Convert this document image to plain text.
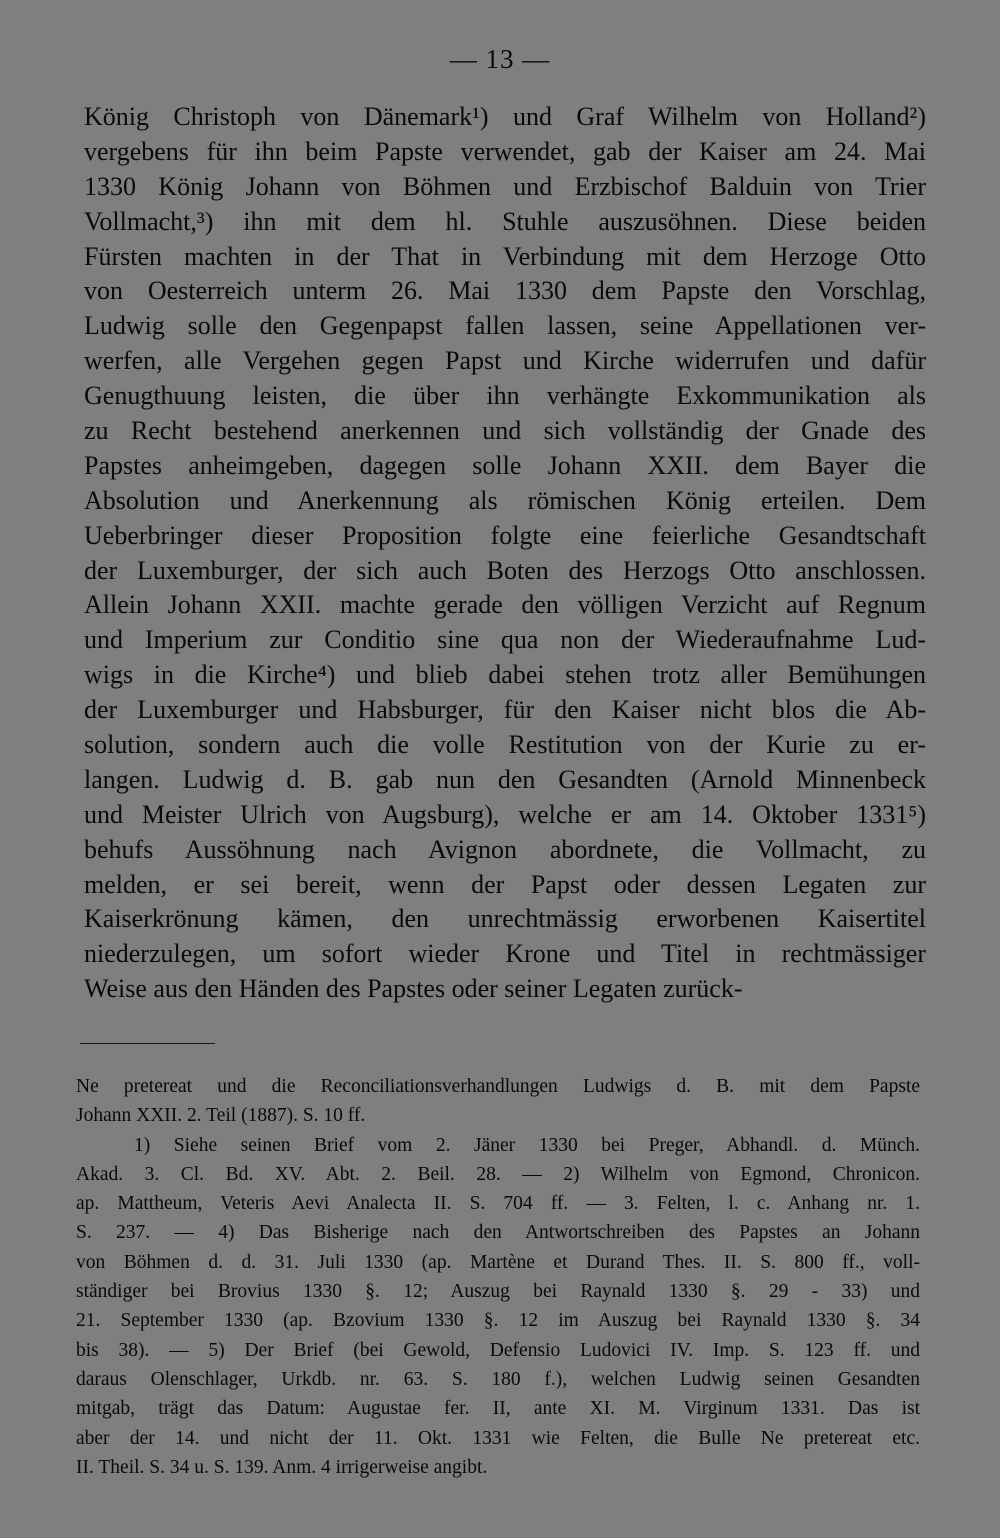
— 13 —
König Christoph von Dänemark¹) und Graf Wilhelm von Holland²)
vergebens für ihn beim Papste verwendet, gab der Kaiser am 24. Mai
1330 König Johann von Böhmen und Erzbischof Balduin von Trier
Vollmacht,³) ihn mit dem hl. Stuhle auszusöhnen. Diese beiden
Fürsten machten in der That in Verbindung mit dem Herzoge Otto
von Oesterreich unterm 26. Mai 1330 dem Papste den Vorschlag,
Ludwig solle den Gegenpapst fallen lassen, seine Appellationen ver-
werfen, alle Vergehen gegen Papst und Kirche widerrufen und dafür
Genugthuung leisten, die über ihn verhängte Exkommunikation als
zu Recht bestehend anerkennen und sich vollständig der Gnade des
Papstes anheimgeben, dagegen solle Johann XXII. dem Bayer die
Absolution und Anerkennung als römischen König erteilen. Dem
Ueberbringer dieser Proposition folgte eine feierliche Gesandtschaft
der Luxemburger, der sich auch Boten des Herzogs Otto anschlossen.
Allein Johann XXII. machte gerade den völligen Verzicht auf Regnum
und Imperium zur Conditio sine qua non der Wiederaufnahme Lud-
wigs in die Kirche⁴) und blieb dabei stehen trotz aller Bemühungen
der Luxemburger und Habsburger, für den Kaiser nicht blos die Ab-
solution, sondern auch die volle Restitution von der Kurie zu er-
langen. Ludwig d. B. gab nun den Gesandten (Arnold Minnenbeck
und Meister Ulrich von Augsburg), welche er am 14. Oktober 1331⁵)
behufs Aussöhnung nach Avignon abordnete, die Vollmacht, zu
melden, er sei bereit, wenn der Papst oder dessen Legaten zur
Kaiserkrönung kämen, den unrechtmässig erworbenen Kaisertitel
niederzulegen, um sofort wieder Krone und Titel in rechtmässiger
Weise aus den Händen des Papstes oder seiner Legaten zurück-
Ne pretereat und die Reconciliationsverhandlungen Ludwigs d. B. mit dem Papste
Johann XXII. 2. Teil (1887). S. 10 ff.
1) Siehe seinen Brief vom 2. Jäner 1330 bei Preger, Abhandl. d. Münch.
Akad. 3. Cl. Bd. XV. Abt. 2. Beil. 28. — 2) Wilhelm von Egmond, Chronicon.
ap. Mattheum, Veteris Aevi Analecta II. S. 704 ff. — 3. Felten, l. c. Anhang nr. 1.
S. 237. — 4) Das Bisherige nach den Antwortschreiben des Papstes an Johann
von Böhmen d. d. 31. Juli 1330 (ap. Martène et Durand Thes. II. S. 800 ff., voll-
ständiger bei Brovius 1330 §. 12; Auszug bei Raynald 1330 §. 29 - 33) und
21. September 1330 (ap. Bzovium 1330 §. 12 im Auszug bei Raynald 1330 §. 34
bis 38). — 5) Der Brief (bei Gewold, Defensio Ludovici IV. Imp. S. 123 ff. und
daraus Olenschlager, Urkdb. nr. 63. S. 180 f.), welchen Ludwig seinen Gesandten
mitgab, trägt das Datum: Augustae fer. II, ante XI. M. Virginum 1331. Das ist
aber der 14. und nicht der 11. Okt. 1331 wie Felten, die Bulle Ne pretereat etc.
II. Theil. S. 34 u. S. 139. Anm. 4 irrigerweise angibt.
